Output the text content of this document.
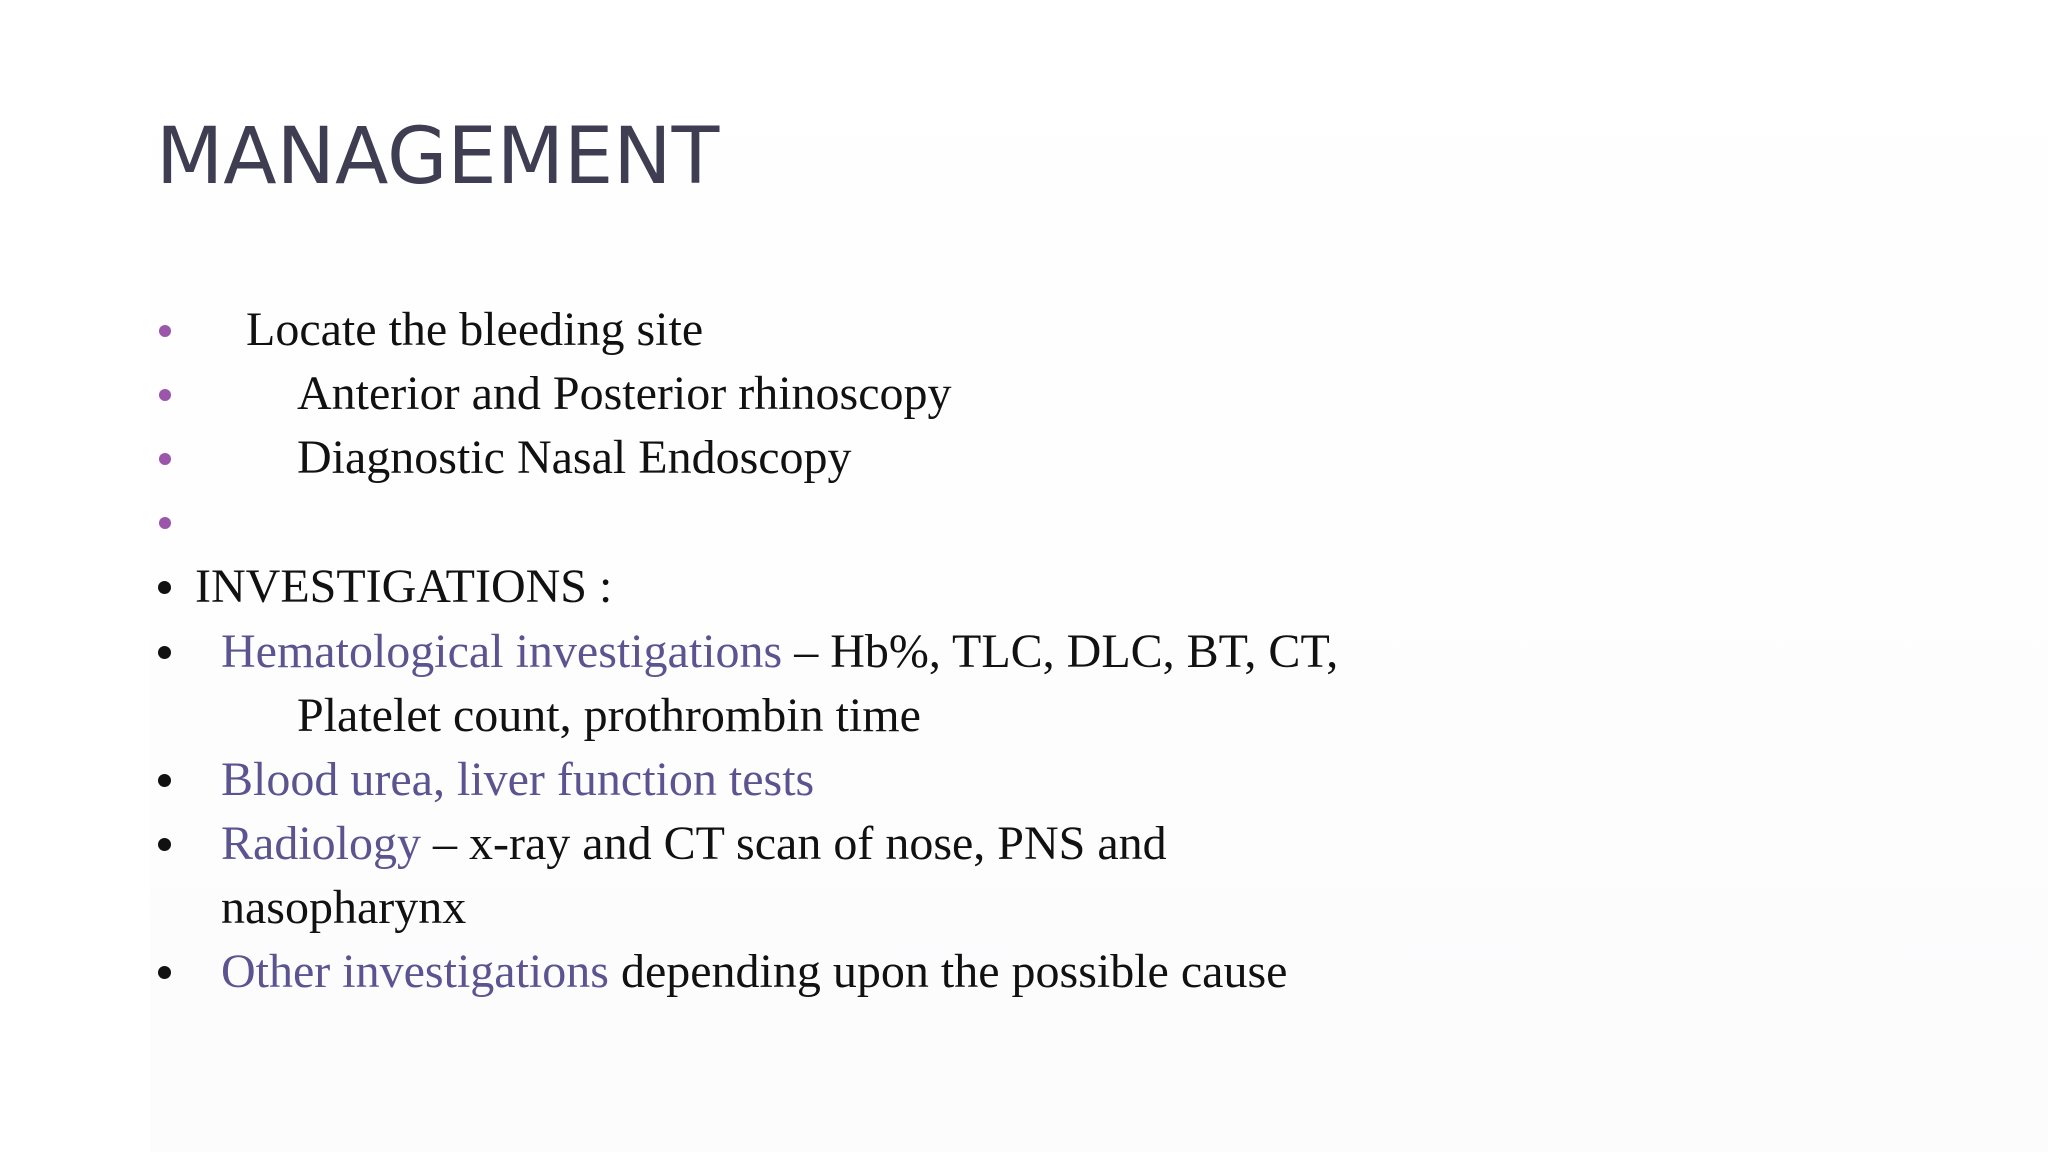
MANAGEMENT
Locate the bleeding site
Anterior and Posterior rhinoscopy
Diagnostic Nasal Endoscopy
INVESTIGATIONS :
Hematological investigations – Hb%, TLC, DLC, BT, CT,
Platelet count, prothrombin time
Blood urea, liver function tests
Radiology – x-ray and CT scan of nose, PNS and
nasopharynx
Other investigations depending upon the possible cause
